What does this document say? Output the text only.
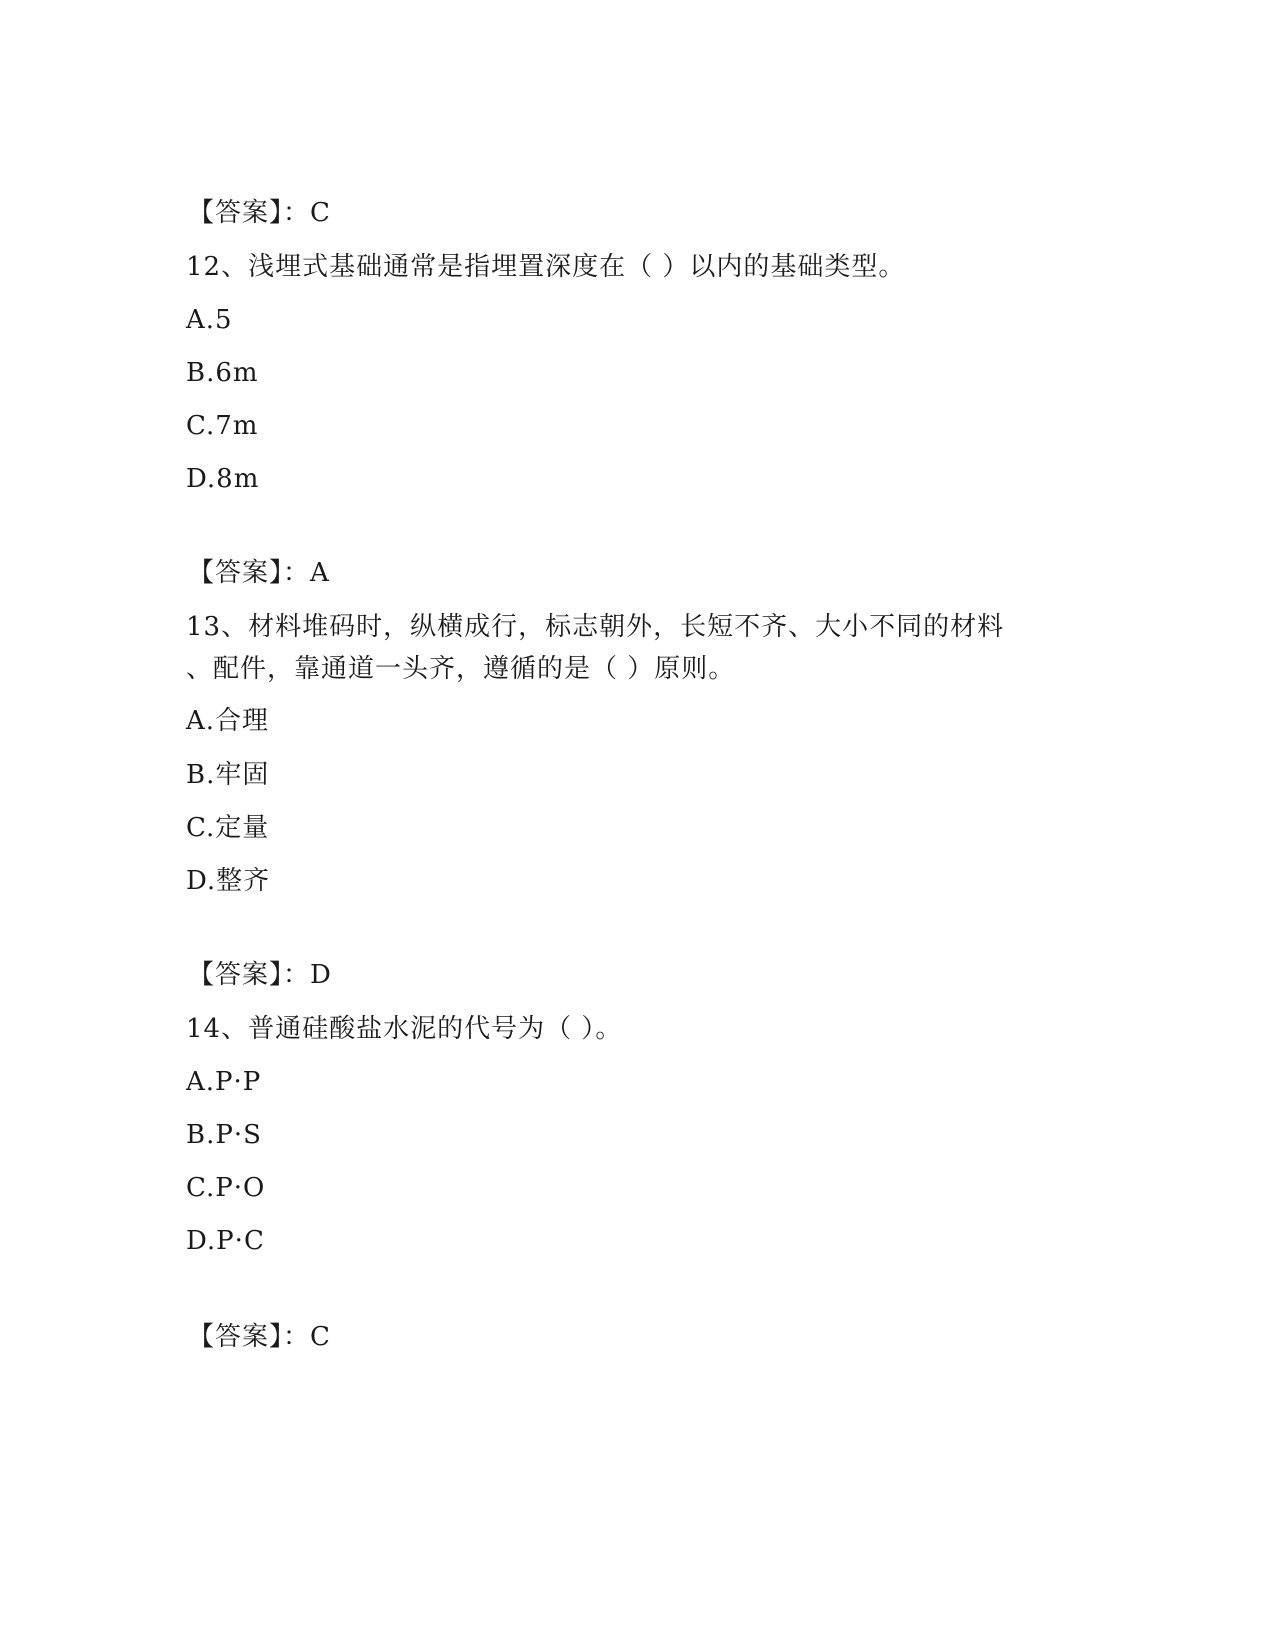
【答案】：C
12、浅埋式基础通常是指埋置深度在（ ）以内的基础类型。
A.5
B.6m
C.7m
D.8m
【答案】：A
13、材料堆码时，纵横成行，标志朝外，长短不齐、大小不同的材料
、配件，靠通道一头齐，遵循的是（ ）原则。
A.合理
B.牢固
C.定量
D.整齐
【答案】：D
14、普通硅酸盐水泥的代号为（ ）。
A.P·P
B.P·S
C.P·O
D.P·C
【答案】：C
